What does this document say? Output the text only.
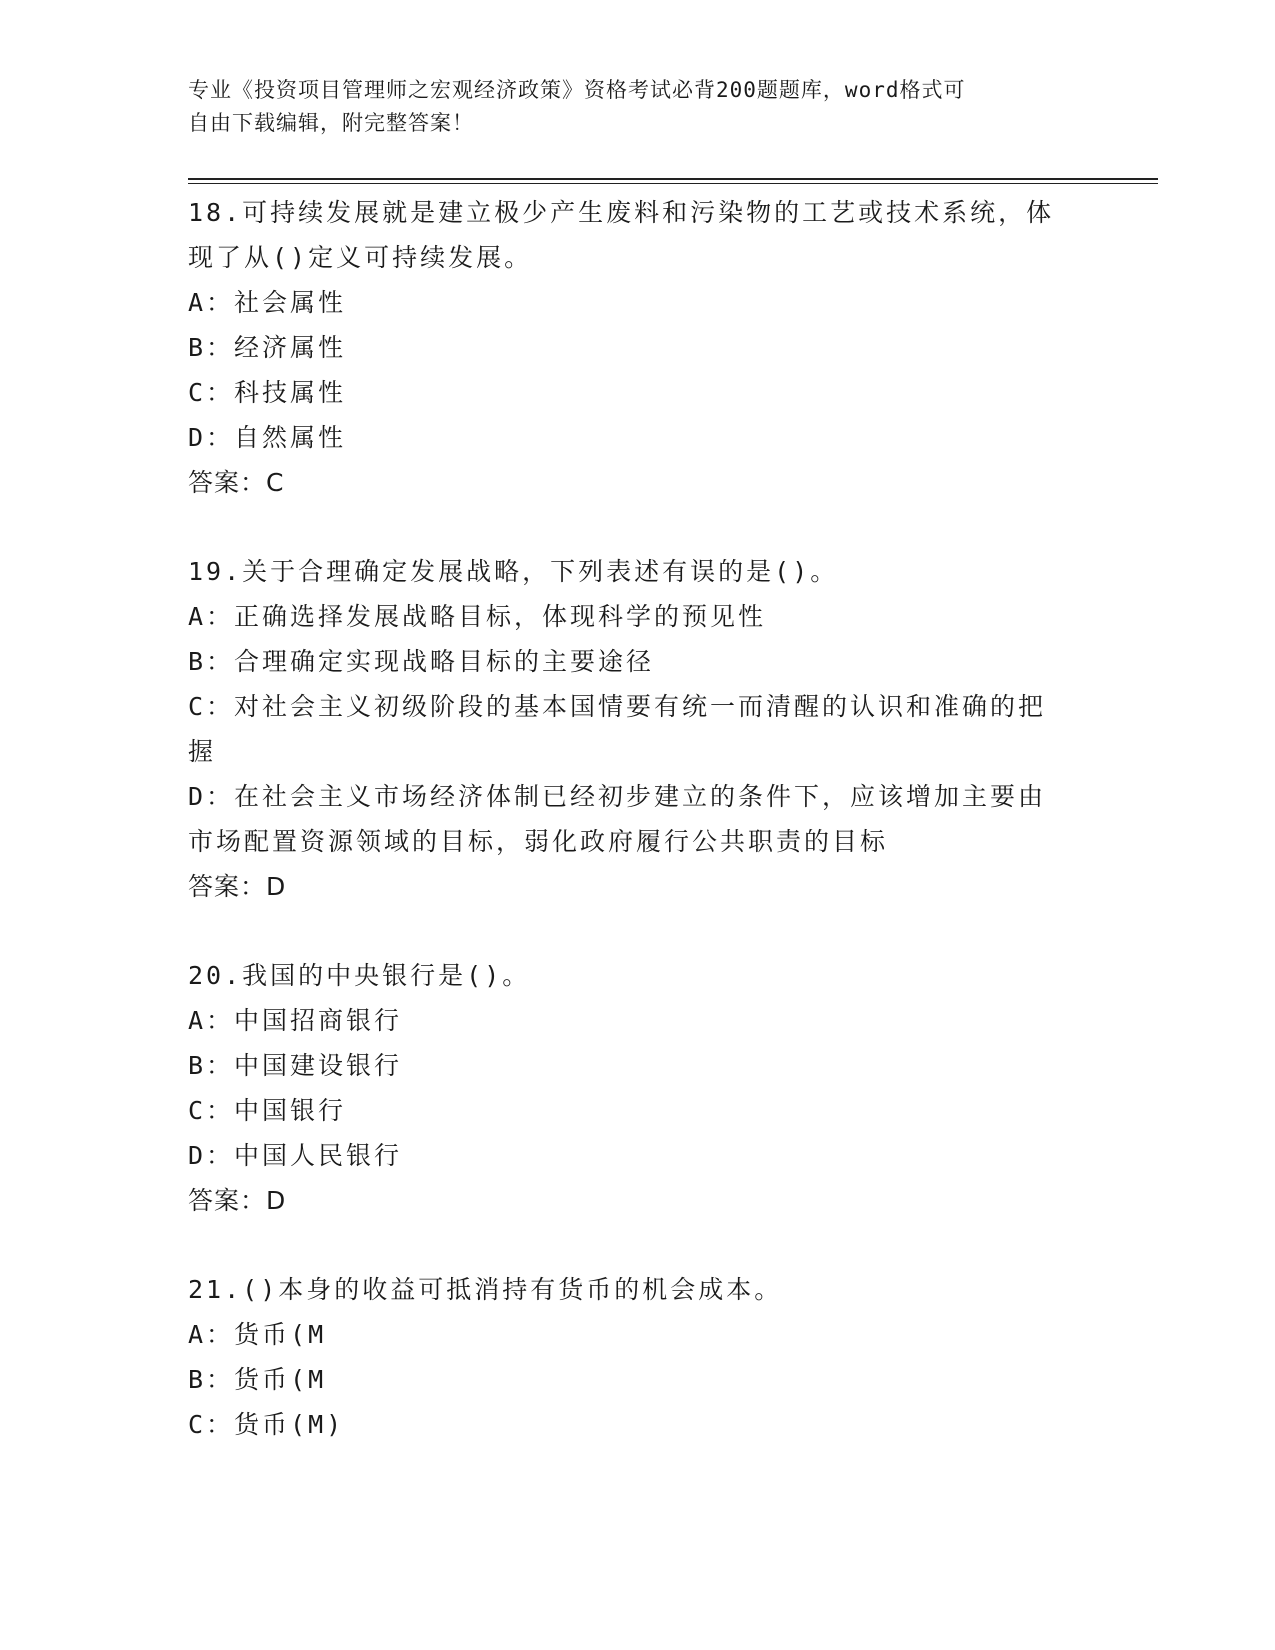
专业《投资项目管理师之宏观经济政策》资格考试必背200题题库，word格式可
自由下载编辑，附完整答案！

18.可持续发展就是建立极少产生废料和污染物的工艺或技术系统，体

现了从()定义可持续发展。

A：社会属性

B：经济属性

C：科技属性

D：自然属性

答案：C

19.关于合理确定发展战略，下列表述有误的是()。

A：正确选择发展战略目标，体现科学的预见性

B：合理确定实现战略目标的主要途径

C：对社会主义初级阶段的基本国情要有统一而清醒的认识和准确的把

握

D：在社会主义市场经济体制已经初步建立的条件下，应该增加主要由

市场配置资源领域的目标，弱化政府履行公共职责的目标

答案：D

20.我国的中央银行是()。

A：中国招商银行

B：中国建设银行

C：中国银行

D：中国人民银行

答案：D

21.()本身的收益可抵消持有货币的机会成本。

A：货币(M

B：货币(M

C：货币(M)
